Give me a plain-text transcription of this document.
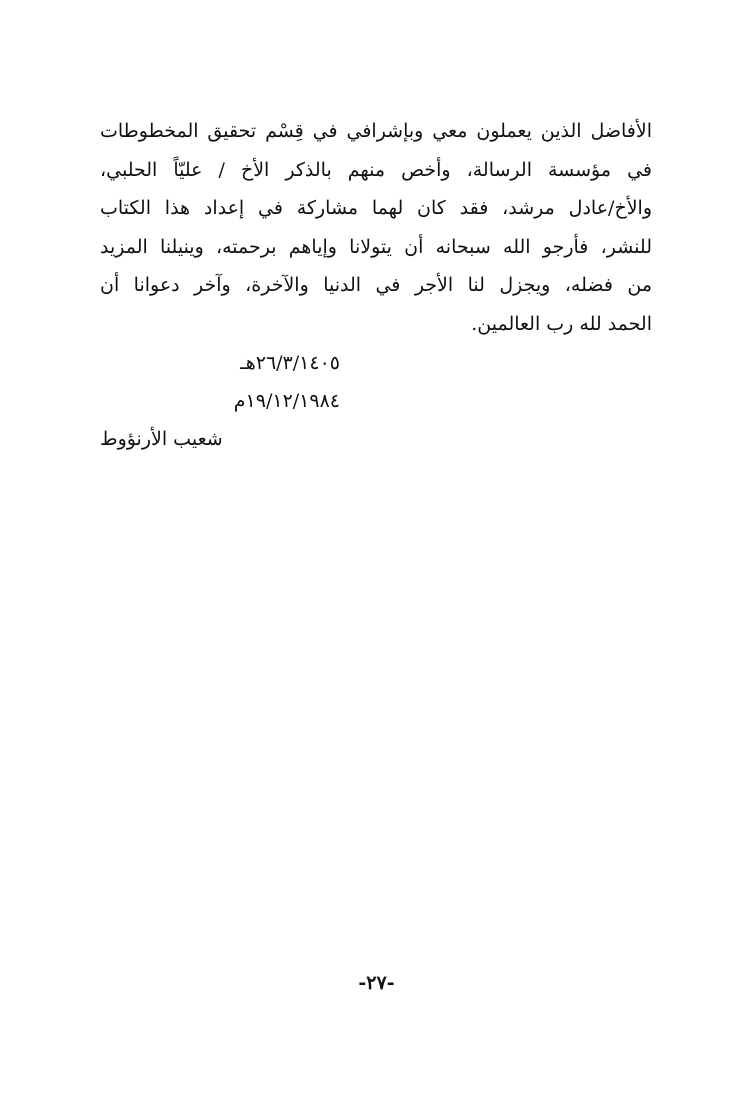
الأفاضل الذين يعملون معي وبإشرافي في قِسْم تحقيق المخطوطات
في مؤسسة الرسالة، وأخص منهم بالذكر الأخ / عليّاً الحلبي،
والأخ/عادل مرشد، فقد كان لهما مشاركة في إعداد هذا الكتاب
للنشر، فأرجو الله سبحانه أن يتولانا وإياهم برحمته، وينيلنا المزيد
من فضله، ويجزل لنا الأجر في الدنيا والآخرة، وآخر دعوانا أن
الحمد لله رب العالمين.
٢٦/٣/١٤٠٥هـ
١٩/١٢/١٩٨٤م
شعيب الأرنؤوط
-٢٧-
